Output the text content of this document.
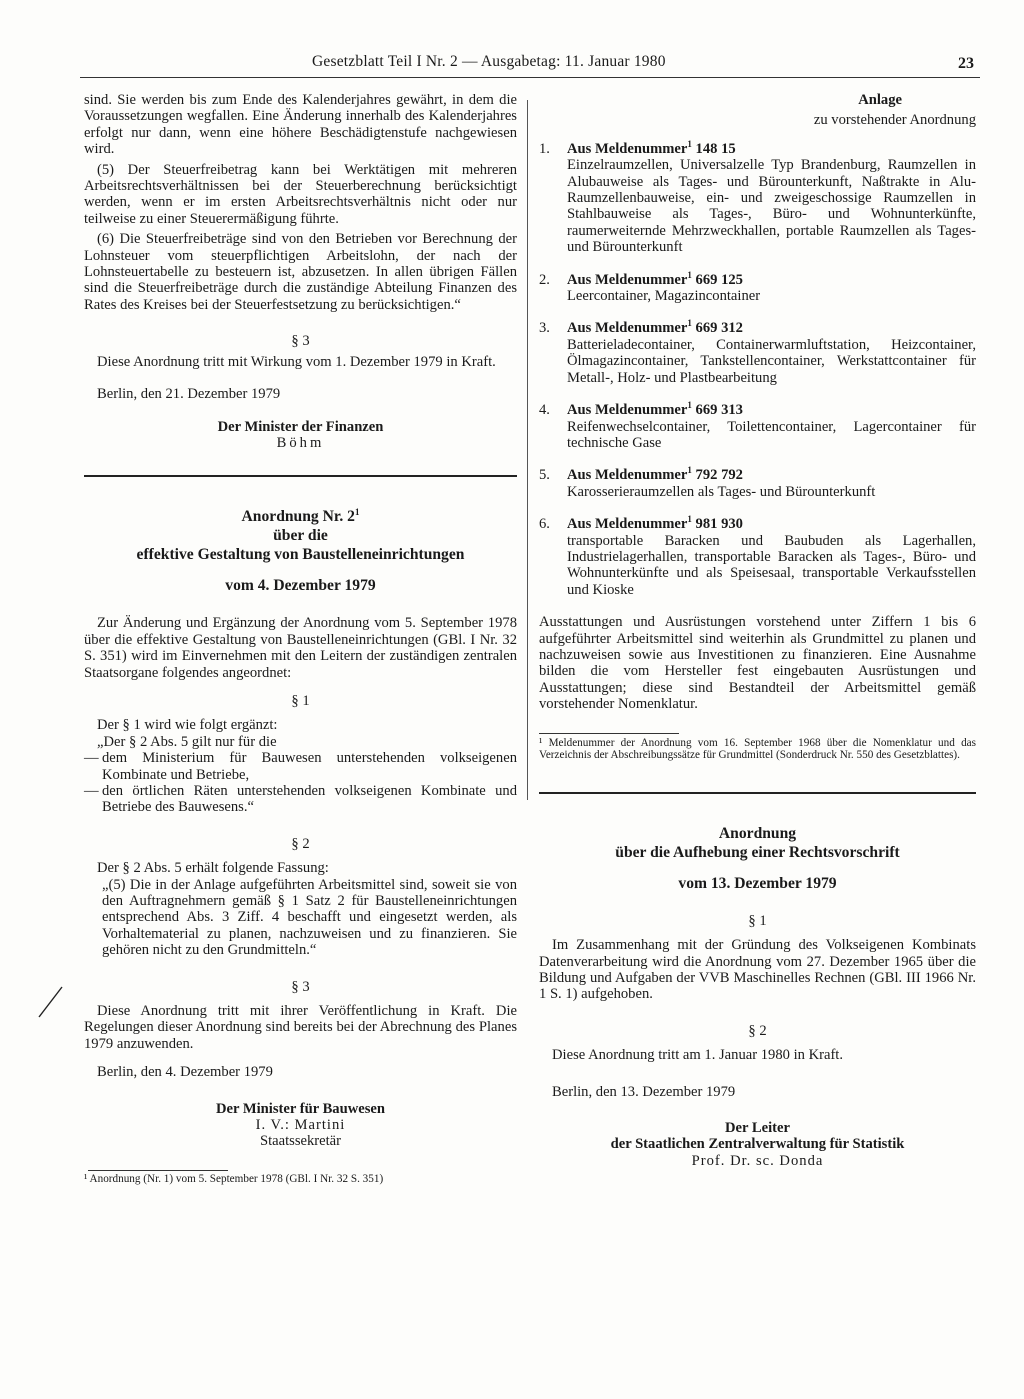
Gesetzblatt Teil I Nr. 2 — Ausgabetag: 11. Januar 1980	23

sind. Sie werden bis zum Ende des Kalenderjahres gewährt, in dem die Voraussetzungen wegfallen. Eine Änderung innerhalb des Kalenderjahres erfolgt nur dann, wenn eine höhere Beschädigtenstufe nachgewiesen wird.

(5) Der Steuerfreibetrag kann bei Werktätigen mit mehreren Arbeitsrechtsverhältnissen bei der Steuerberechnung berücksichtigt werden, wenn er im ersten Arbeitsrechtsverhältnis nicht oder nur teilweise zu einer Steuerermäßigung führte.

(6) Die Steuerfreibeträge sind von den Betrieben vor Berechnung der Lohnsteuer vom steuerpflichtigen Arbeitslohn, der nach der Lohnsteuertabelle zu besteuern ist, abzusetzen. In allen übrigen Fällen sind die Steuerfreibeträge durch die zuständige Abteilung Finanzen des Rates des Kreises bei der Steuerfestsetzung zu berücksichtigen.“

§ 3

Diese Anordnung tritt mit Wirkung vom 1. Dezember 1979 in Kraft.

Berlin, den 21. Dezember 1979

Der Minister der Finanzen

Böhm

Anordnung Nr. $2^1$
über die
effektive Gestaltung von Baustelleneinrichtungen
vom 4. Dezember 1979

Zur Änderung und Ergänzung der Anordnung vom 5. September 1978 über die effektive Gestaltung von Baustelleneinrichtungen (GBl. I Nr. 32 S. 351) wird im Einvernehmen mit den Leitern der zuständigen zentralen Staatsorgane folgendes angeordnet:

§ 1

Der § 1 wird wie folgt ergänzt:

„Der § 2 Abs. 5 gilt nur für die

— dem Ministerium für Bauwesen unterstehenden volkseigenen Kombinate und Betriebe,
— den örtlichen Räten unterstehenden volkseigenen Kombinate und Betriebe des Bauwesens.“

§ 2

Der § 2 Abs. 5 erhält folgende Fassung:

„(5) Die in der Anlage aufgeführten Arbeitsmittel sind, soweit sie von den Auftragnehmern gemäß § 1 Satz 2 für Baustelleneinrichtungen entsprechend Abs. 3 Ziff. 4 beschafft und eingesetzt werden, als Vorhaltematerial zu planen, nachzuweisen und zu finanzieren. Sie gehören nicht zu den Grundmitteln.“

§ 3

Diese Anordnung tritt mit ihrer Veröffentlichung in Kraft. Die Regelungen dieser Anordnung sind bereits bei der Abrechnung des Planes 1979 anzuwenden.

Berlin, den 4. Dezember 1979

Der Minister für Bauwesen

I. V.: Martini

Staatssekretär

¹ Anordnung (Nr. 1) vom 5. September 1978 (GBl. I Nr. 32 S. 351)

Anlage

zu vorstehender Anordnung

1.	Aus Meldenummer$^1$ 148 15

Einzelraumzellen, Universalzelle Typ Brandenburg, Raumzellen in Alubauweise als Tages- und Bürounterkunft, Naßtrakte in Alu-Raumzellenbauweise, ein- und zweigeschossige Raumzellen in Stahlbauweise als Tages-, Büro- und Wohnunterkünfte, raumerweiternde Mehrzweckhallen, portable Raumzellen als Tages- und Bürounterkunft

2.	Aus Meldenummer$^1$ 669 125

Leercontainer, Magazincontainer

3.	Aus Meldenummer$^1$ 669 312

Batterieladecontainer, Containerwarmluftstation, Heizcontainer, Ölmagazincontainer, Tankstellencontainer, Werkstattcontainer für Metall-, Holz- und Plastbearbeitung

4.	Aus Meldenummer$^1$ 669 313

Reifenwechselcontainer, Toilettencontainer, Lagercontainer für technische Gase

5.	Aus Meldenummer$^1$ 792 792

Karosserieraumzellen als Tages- und Bürounterkunft

6.	Aus Meldenummer$^1$ 981 930

transportable Baracken und Baubuden als Lagerhallen, Industrielagerhallen, transportable Baracken als Tages-, Büro- und Wohnunterkünfte und als Speisesaal, transportable Verkaufsstellen und Kioske

Ausstattungen und Ausrüstungen vorstehend unter Ziffern 1 bis 6 aufgeführter Arbeitsmittel sind weiterhin als Grundmittel zu planen und nachzuweisen sowie aus Investitionen zu finanzieren. Eine Ausnahme bilden die vom Hersteller fest eingebauten Ausrüstungen und Ausstattungen; diese sind Bestandteil der Arbeitsmittel gemäß vorstehender Nomenklatur.

¹ Meldenummer der Anordnung vom 16. September 1968 über die Nomenklatur und das Verzeichnis der Abschreibungssätze für Grundmittel (Sonderdruck Nr. 550 des Gesetzblattes).

Anordnung
über die Aufhebung einer Rechtsvorschrift
vom 13. Dezember 1979

§ 1

Im Zusammenhang mit der Gründung des Volkseigenen Kombinats Datenverarbeitung wird die Anordnung vom 27. Dezember 1965 über die Bildung und Aufgaben der VVB Maschinelles Rechnen (GBl. III 1966 Nr. 1 S. 1) aufgehoben.

§ 2

Diese Anordnung tritt am 1. Januar 1980 in Kraft.

Berlin, den 13. Dezember 1979

Der Leiter

der Staatlichen Zentralverwaltung für Statistik

Prof. Dr. sc. Donda
